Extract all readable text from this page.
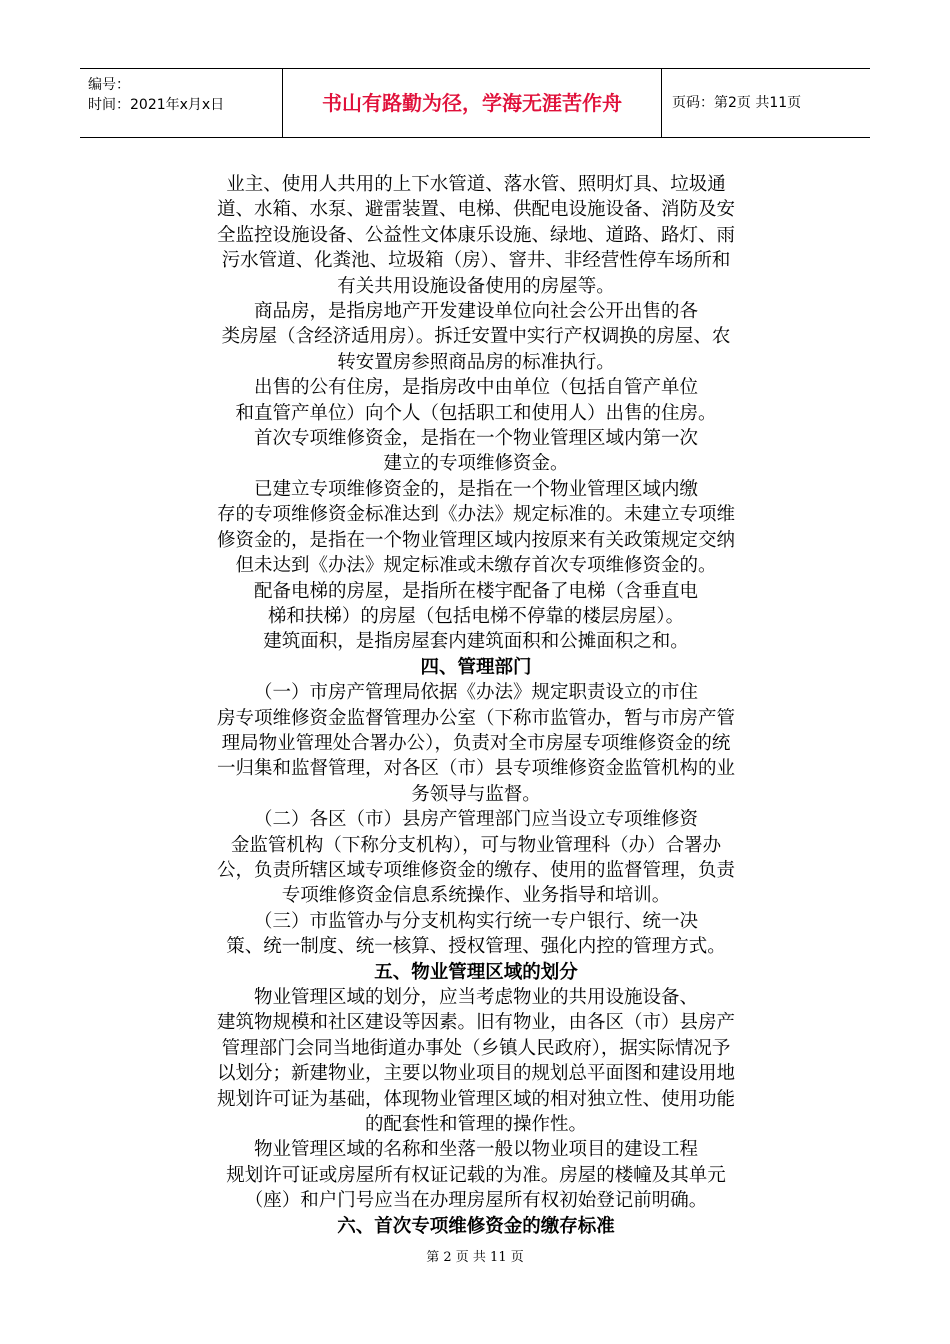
编号：
时间：2021年x月x日	书山有路勤为径，学海无涯苦作舟	页码：第2页 共11页

业主、使用人共用的上下水管道、落水管、照明灯具、垃圾通

道、水箱、水泵、避雷装置、电梯、供配电设施设备、消防及安

全监控设施设备、公益性文体康乐设施、绿地、道路、路灯、雨

污水管道、化粪池、垃圾箱（房）、窨井、非经营性停车场所和

有关共用设施设备使用的房屋等。

商品房，是指房地产开发建设单位向社会公开出售的各

类房屋（含经济适用房）。拆迁安置中实行产权调换的房屋、农

转安置房参照商品房的标准执行。

出售的公有住房，是指房改中由单位（包括自管产单位

和直管产单位）向个人（包括职工和使用人）出售的住房。

首次专项维修资金，是指在一个物业管理区域内第一次

建立的专项维修资金。

已建立专项维修资金的，是指在一个物业管理区域内缴

存的专项维修资金标准达到《办法》规定标准的。未建立专项维

修资金的，是指在一个物业管理区域内按原来有关政策规定交纳

但未达到《办法》规定标准或未缴存首次专项维修资金的。

配备电梯的房屋，是指所在楼宇配备了电梯（含垂直电

梯和扶梯）的房屋（包括电梯不停靠的楼层房屋）。

建筑面积，是指房屋套内建筑面积和公摊面积之和。

四、管理部门

（一）市房产管理局依据《办法》规定职责设立的市住

房专项维修资金监督管理办公室（下称市监管办，暂与市房产管

理局物业管理处合署办公），负责对全市房屋专项维修资金的统

一归集和监督管理，对各区（市）县专项维修资金监管机构的业

务领导与监督。

（二）各区（市）县房产管理部门应当设立专项维修资

金监管机构（下称分支机构），可与物业管理科（办）合署办

公，负责所辖区域专项维修资金的缴存、使用的监督管理，负责

专项维修资金信息系统操作、业务指导和培训。

（三）市监管办与分支机构实行统一专户银行、统一决

策、统一制度、统一核算、授权管理、强化内控的管理方式。

五、物业管理区域的划分

物业管理区域的划分，应当考虑物业的共用设施设备、

建筑物规模和社区建设等因素。旧有物业，由各区（市）县房产

管理部门会同当地街道办事处（乡镇人民政府），据实际情况予

以划分；新建物业，主要以物业项目的规划总平面图和建设用地

规划许可证为基础，体现物业管理区域的相对独立性、使用功能

的配套性和管理的操作性。

物业管理区域的名称和坐落一般以物业项目的建设工程

规划许可证或房屋所有权证记载的为准。房屋的楼幢及其单元

（座）和户门号应当在办理房屋所有权初始登记前明确。

六、首次专项维修资金的缴存标准

第 2 页 共 11 页
